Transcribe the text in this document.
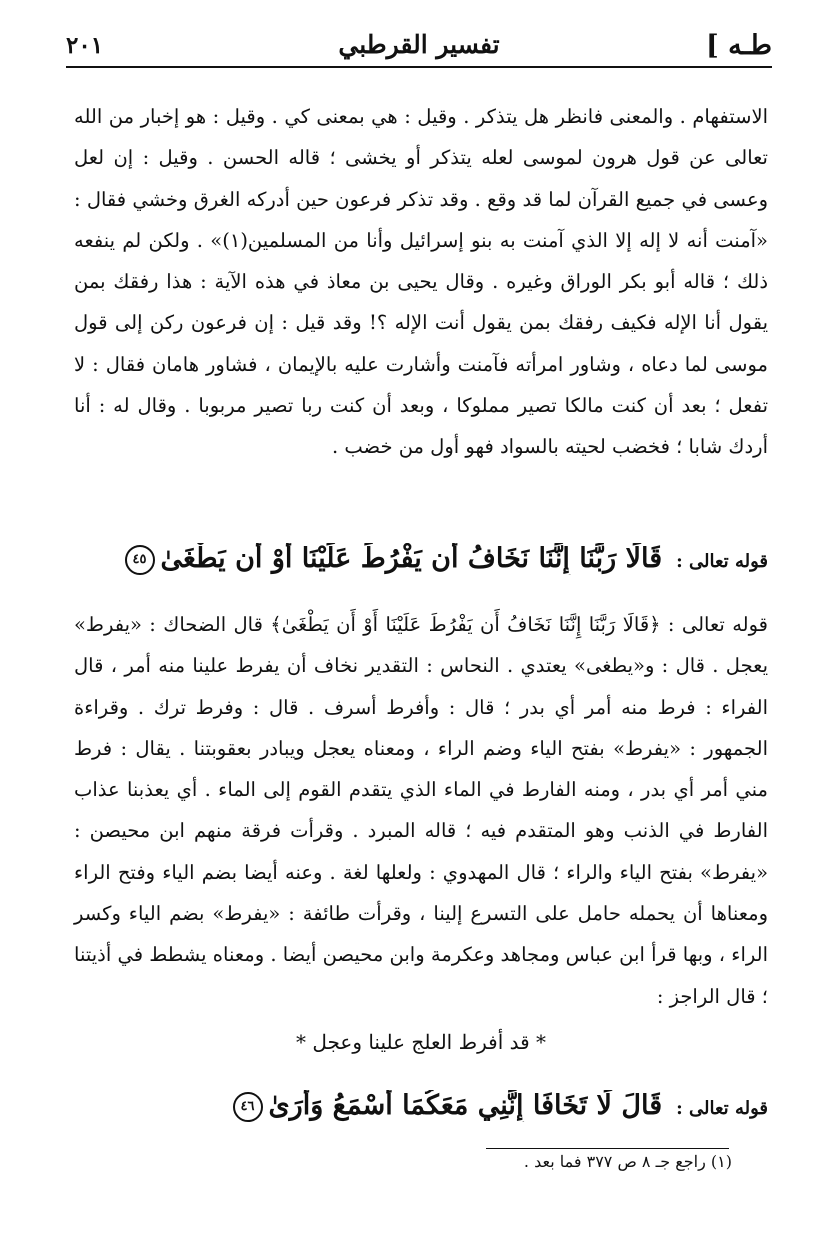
طـه ]
تفسير القرطبي
٢٠١

الاستفهام . والمعنى فانظر هل يتذكر . وقيل : هي بمعنى كي . وقيل : هو إخبار من الله تعالى عن قول هرون لموسى لعله يتذكر أو يخشى ؛ قاله الحسن . وقيل : إن لعل وعسى في جميع القرآن لما قد وقع . وقد تذكر فرعون حين أدركه الغرق وخشي فقال : «آمنت أنه لا إله إلا الذي آمنت به بنو إسرائيل وأنا من المسلمين(١)» . ولكن لم ينفعه ذلك ؛ قاله أبو بكر الوراق وغيره . وقال يحيى بن معاذ في هذه الآية : هذا رفقك بمن يقول أنا الإله فكيف رفقك بمن يقول أنت الإله ؟! وقد قيل : إن فرعون ركن إلى قول موسى لما دعاه ، وشاور امرأته فآمنت وأشارت عليه بالإيمان ، فشاور هامان فقال : لا تفعل ؛ بعد أن كنت مالكا تصير مملوكا ، وبعد أن كنت ربا تصير مربوبا . وقال له : أنا أردك شابا ؛ فخضب لحيته بالسواد فهو أول من خضب .

قوله تعالى :قَالَا رَبَّنَا إِنَّنَا نَخَافُ أَن يَفْرُطَ عَلَيْنَا أَوْ أَن يَطْغَىٰ٤٥

قوله تعالى : ﴿قَالَا رَبَّنَا إِنَّنَا نَخَافُ أَن يَفْرُطَ عَلَيْنَا أَوْ أَن يَطْغَىٰ﴾ قال الضحاك : «يفرط» يعجل . قال : و«يطغى» يعتدي . النحاس : التقدير نخاف أن يفرط علينا منه أمر ، قال الفراء : فرط منه أمر أي بدر ؛ قال : وأفرط أسرف . قال : وفرط ترك . وقراءة الجمهور : «يفرط» بفتح الياء وضم الراء ، ومعناه يعجل ويبادر بعقوبتنا . يقال : فرط مني أمر أي بدر ، ومنه الفارط في الماء الذي يتقدم القوم إلى الماء . أي يعذبنا عذاب الفارط في الذنب وهو المتقدم فيه ؛ قاله المبرد . وقرأت فرقة منهم ابن محيصن : «يفرط» بفتح الياء والراء ؛ قال المهدوي : ولعلها لغة . وعنه أيضا بضم الياء وفتح الراء ومعناها أن يحمله حامل على التسرع إلينا ، وقرأت طائفة : «يفرط» بضم الياء وكسر الراء ، وبها قرأ ابن عباس ومجاهد وعكرمة وابن محيصن أيضا . ومعناه يشطط في أذيتنا ؛ قال الراجز :

* قد أفرط العلج علينا وعجل *
قوله تعالى :قَالَ لَا تَخَافَا إِنَّنِي مَعَكُمَا أَسْمَعُ وَأَرَىٰ٤٦
(١) راجع جـ ٨ ص ٣٧٧ فما بعد .
